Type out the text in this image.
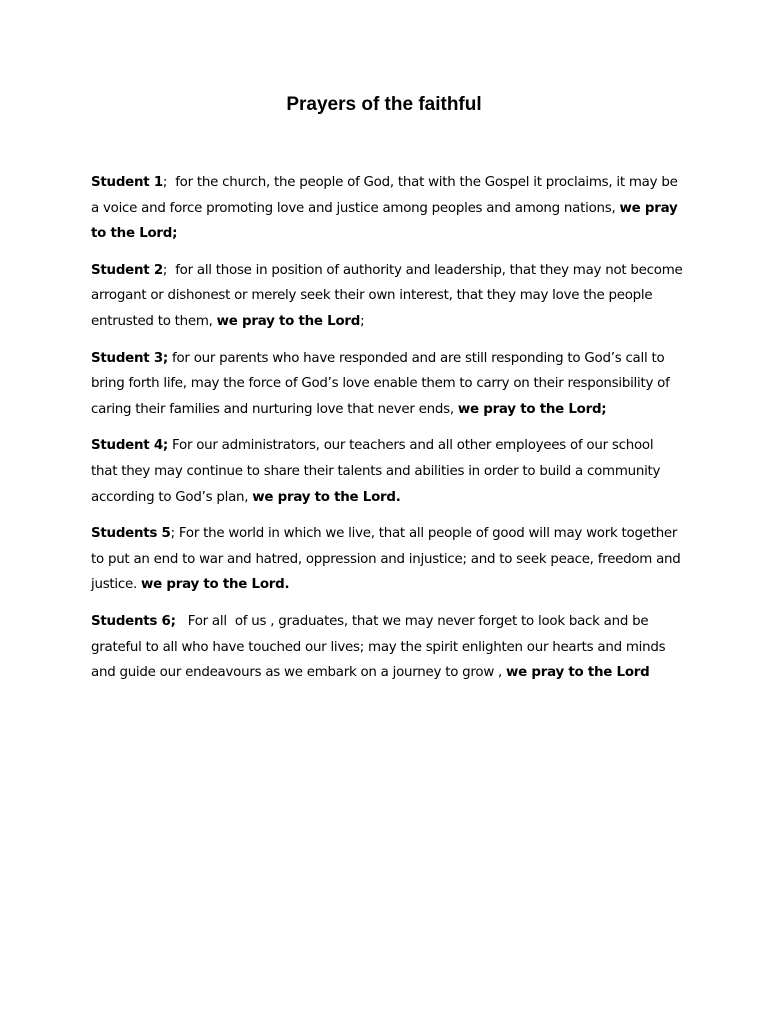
Prayers of the faithful

Student 1;  for the church, the people of God, that with the Gospel it proclaims, it may be a voice and force promoting love and justice among peoples and among nations, we pray to the Lord;

Student 2;  for all those in position of authority and leadership, that they may not become arrogant or dishonest or merely seek their own interest, that they may love the people entrusted to them, we pray to the Lord;

Student 3; for our parents who have responded and are still responding to God’s call to bring forth life, may the force of God’s love enable them to carry on their responsibility of caring their families and nurturing love that never ends, we pray to the Lord;

Student 4; For our administrators, our teachers and all other employees of our school that they may continue to share their talents and abilities in order to build a community according to God’s plan, we pray to the Lord.

Students 5; For the world in which we live, that all people of good will may work together to put an end to war and hatred, oppression and injustice; and to seek peace, freedom and justice. we pray to the Lord.

Students 6;   For all  of us , graduates, that we may never forget to look back and be grateful to all who have touched our lives; may the spirit enlighten our hearts and minds and guide our endeavours as we embark on a journey to grow , we pray to the Lord
